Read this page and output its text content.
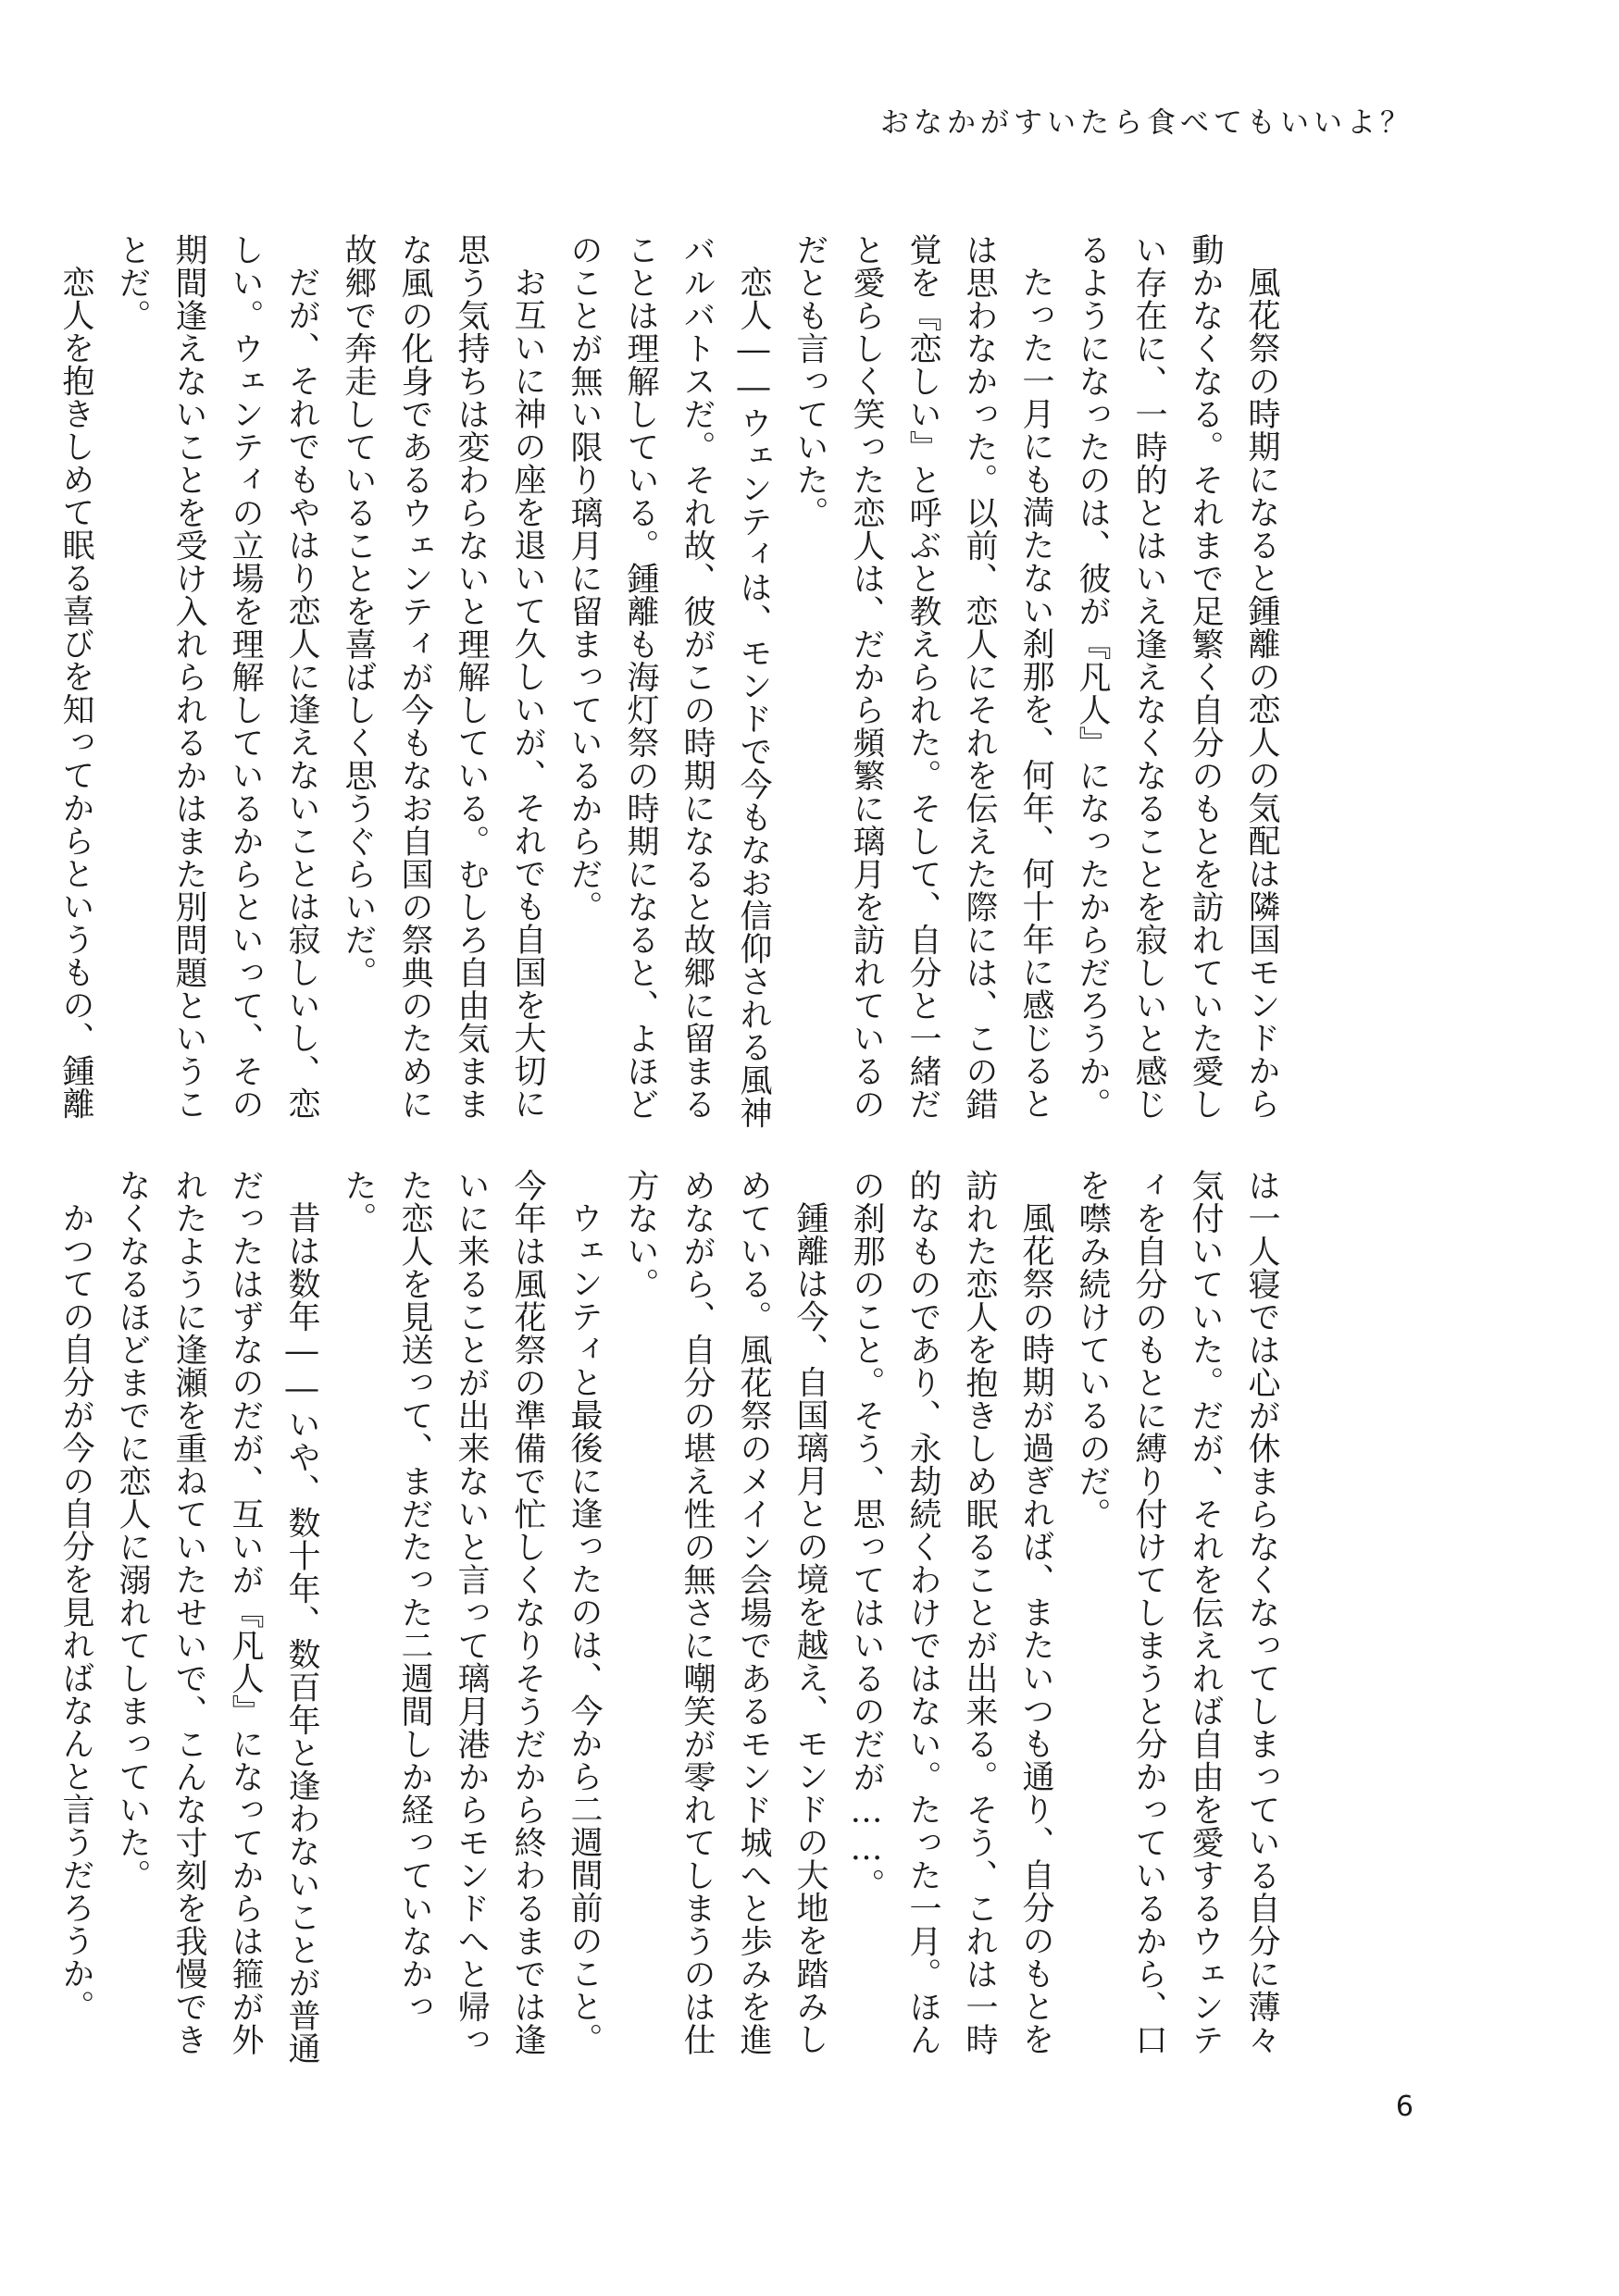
おなかがすいたら食べてもいいよ？

風花祭の時期になると鍾離の恋人の気配は隣国モンドから動かなくなる。それまで足繁く自分のもとを訪れていた愛しい存在に、一時的とはいえ逢えなくなることを寂しいと感じるようになったのは、彼が『凡人』になったからだろうか。

たった一月にも満たない刹那を、何年、何十年に感じるとは思わなかった。以前、恋人にそれを伝えた際には、この錯覚を『恋しい』と呼ぶと教えられた。そして、自分と一緒だと愛らしく笑った恋人は、だから頻繁に璃月を訪れているのだとも言っていた。

恋人――ウェンティは、モンドで今もなお信仰される風神バルバトスだ。それ故、彼がこの時期になると故郷に留まることは理解している。鍾離も海灯祭の時期になると、よほどのことが無い限り璃月に留まっているからだ。

お互いに神の座を退いて久しいが、それでも自国を大切に思う気持ちは変わらないと理解している。むしろ自由気ままな風の化身であるウェンティが今もなお自国の祭典のために故郷で奔走していることを喜ばしく思うぐらいだ。

だが、それでもやはり恋人に逢えないことは寂しいし、恋しい。ウェンティの立場を理解しているからといって、その期間逢えないことを受け入れられるかはまた別問題ということだ。

恋人を抱きしめて眠る喜びを知ってからというもの、鍾離

は一人寝では心が休まらなくなってしまっている自分に薄々気付いていた。だが、それを伝えれば自由を愛するウェンティを自分のもとに縛り付けてしまうと分かっているから、口を噤み続けているのだ。

風花祭の時期が過ぎれば、またいつも通り、自分のもとを訪れた恋人を抱きしめ眠ることが出来る。そう、これは一時的なものであり、永劫続くわけではない。たった一月。ほんの刹那のこと。そう、思ってはいるのだが……。

鍾離は今、自国璃月との境を越え、モンドの大地を踏みしめている。風花祭のメイン会場であるモンド城へと歩みを進めながら、自分の堪え性の無さに嘲笑が零れてしまうのは仕方ない。

ウェンティと最後に逢ったのは、今から二週間前のこと。今年は風花祭の準備で忙しくなりそうだから終わるまでは逢いに来ることが出来ないと言って璃月港からモンドへと帰った恋人を見送って、まだたった二週間しか経っていなかった。

昔は数年――いや、数十年、数百年と逢わないことが普通だったはずなのだが、互いが『凡人』になってからは箍が外れたように逢瀬を重ねていたせいで、こんな寸刻を我慢できなくなるほどまでに恋人に溺れてしまっていた。

かつての自分が今の自分を見ればなんと言うだろうか。

6
